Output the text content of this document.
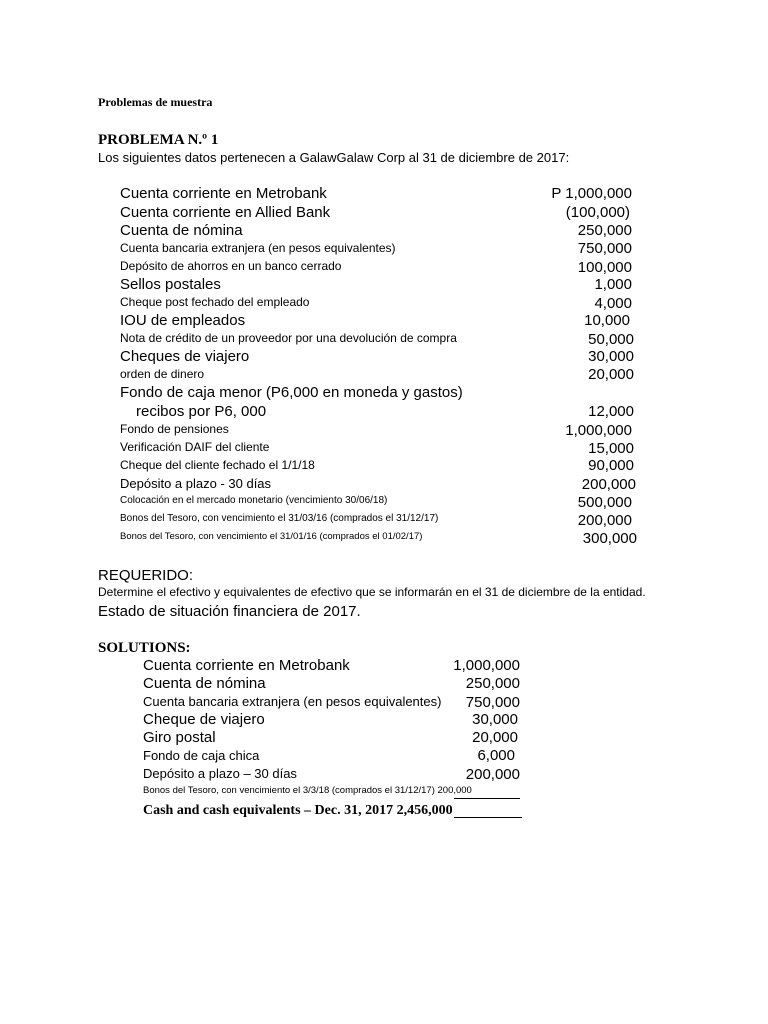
Problemas de muestra
PROBLEMA N.º 1
Los siguientes datos pertenecen a GalawGalaw Corp al 31 de diciembre de 2017:
Cuenta corriente en Metrobank	P 1,000,000
Cuenta corriente en Allied Bank	(100,000)
Cuenta de nómina	250,000
Cuenta bancaria extranjera (en pesos equivalentes)	750,000
Depósito de ahorros en un banco cerrado	100,000
Sellos postales	1,000
Cheque post fechado del empleado	4,000
IOU de empleados	10,000
Nota de crédito de un proveedor por una devolución de compra	50,000
Cheques de viajero	30,000
orden de dinero	20,000
Fondo de caja menor (P6,000 en moneda y gastos)
recibos por P6, 000	12,000
Fondo de pensiones	1,000,000
Verificación DAIF del cliente	15,000
Cheque del cliente fechado el 1/1/18	90,000
Depósito a plazo - 30 días	200,000
Colocación en el mercado monetario (vencimiento 30/06/18)	500,000
Bonos del Tesoro, con vencimiento el 31/03/16 (comprados el 31/12/17)	200,000
Bonos del Tesoro, con vencimiento el 31/01/16 (comprados el 01/02/17)	300,000
REQUERIDO:
Determine el efectivo y equivalentes de efectivo que se informarán en el 31 de diciembre de la entidad.
Estado de situación financiera de 2017.
SOLUTIONS:
Cuenta corriente en Metrobank	1,000,000
Cuenta de nómina	250,000
Cuenta bancaria extranjera (en pesos equivalentes) 750,000
Cheque de viajero	30,000
Giro postal	20,000
Fondo de caja chica	6,000
Depósito a plazo – 30 días	200,000
Bonos del Tesoro, con vencimiento el 3/3/18 (comprados el 31/12/17) 200,000
Cash and cash equivalents – Dec. 31, 2017 2,456,000
